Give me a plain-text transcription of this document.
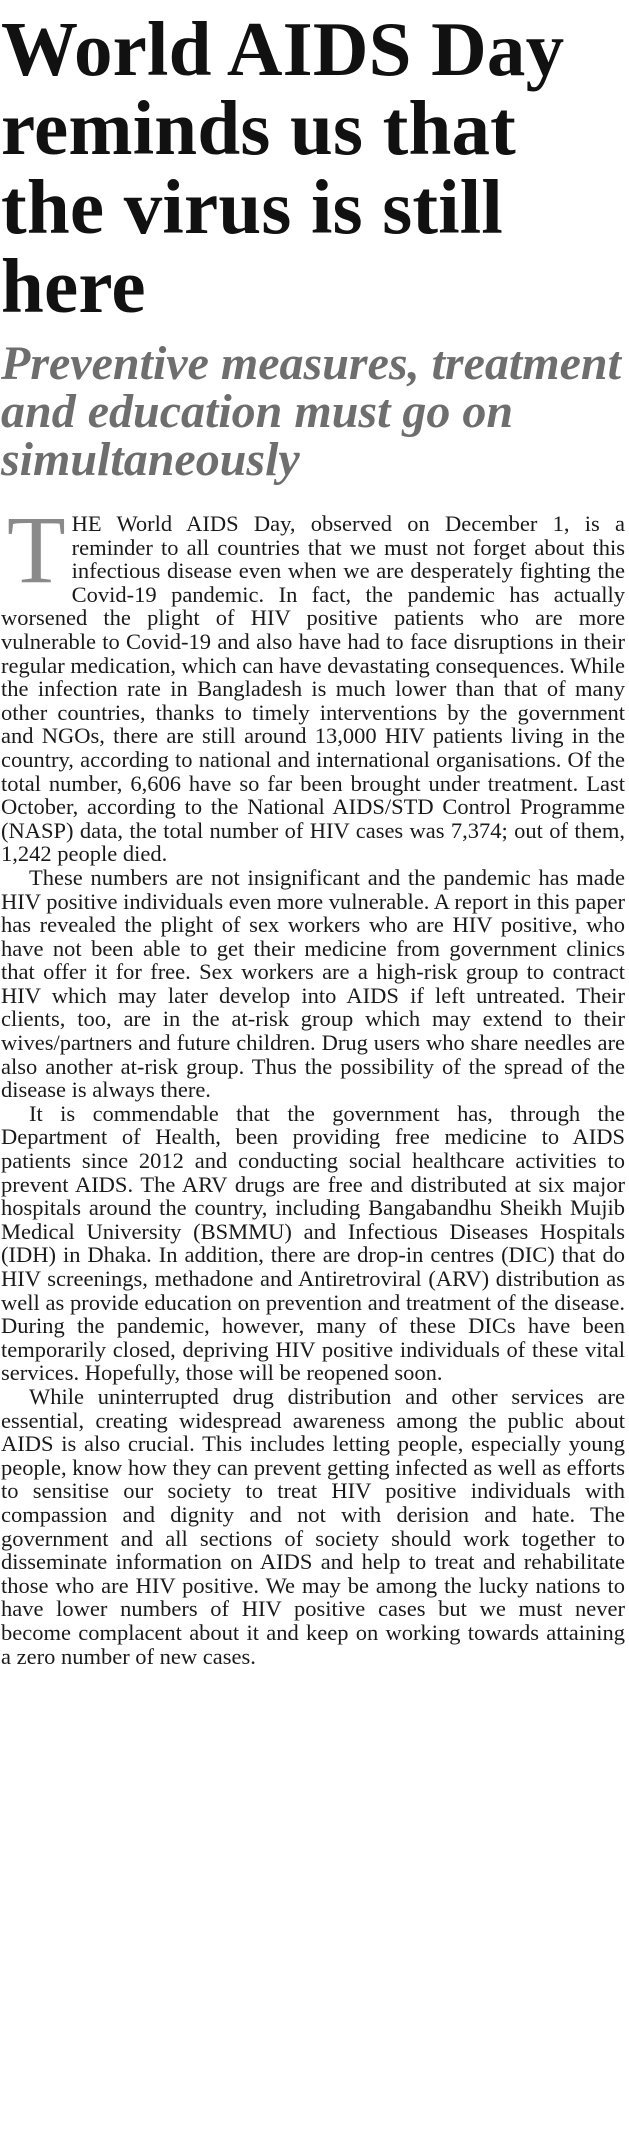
World AIDS Day reminds us that the virus is still here
Preventive measures, treatment and education must go on simultaneously

THE World AIDS Day, observed on December 1, is a reminder to all countries that we must not forget about this infectious disease even when we are desperately fighting the Covid-19 pandemic. In fact, the pandemic has actually worsened the plight of HIV positive patients who are more vulnerable to Covid-19 and also have had to face disruptions in their regular medication, which can have devastating consequences. While the infection rate in Bangladesh is much lower than that of many other countries, thanks to timely interventions by the government and NGOs, there are still around 13,000 HIV patients living in the country, according to national and international organisations. Of the total number, 6,606 have so far been brought under treatment. Last October, according to the National AIDS/STD Control Programme (NASP) data, the total number of HIV cases was 7,374; out of them, 1,242 people died.

These numbers are not insignificant and the pandemic has made HIV positive individuals even more vulnerable. A report in this paper has revealed the plight of sex workers who are HIV positive, who have not been able to get their medicine from government clinics that offer it for free. Sex workers are a high-risk group to contract HIV which may later develop into AIDS if left untreated. Their clients, too, are in the at-risk group which may extend to their wives/partners and future children. Drug users who share needles are also another at-risk group. Thus the possibility of the spread of the disease is always there.

It is commendable that the government has, through the Department of Health, been providing free medicine to AIDS patients since 2012 and conducting social healthcare activities to prevent AIDS. The ARV drugs are free and distributed at six major hospitals around the country, including Bangabandhu Sheikh Mujib Medical University (BSMMU) and Infectious Diseases Hospitals (IDH) in Dhaka. In addition, there are drop-in centres (DIC) that do HIV screenings, methadone and Antiretroviral (ARV) distribution as well as provide education on prevention and treatment of the disease. During the pandemic, however, many of these DICs have been temporarily closed, depriving HIV positive individuals of these vital services. Hopefully, those will be reopened soon.

While uninterrupted drug distribution and other services are essential, creating widespread awareness among the public about AIDS is also crucial. This includes letting people, especially young people, know how they can prevent getting infected as well as efforts to sensitise our society to treat HIV positive individuals with compassion and dignity and not with derision and hate. The government and all sections of society should work together to disseminate information on AIDS and help to treat and rehabilitate those who are HIV positive. We may be among the lucky nations to have lower numbers of HIV positive cases but we must never become complacent about it and keep on working towards attaining a zero number of new cases.
